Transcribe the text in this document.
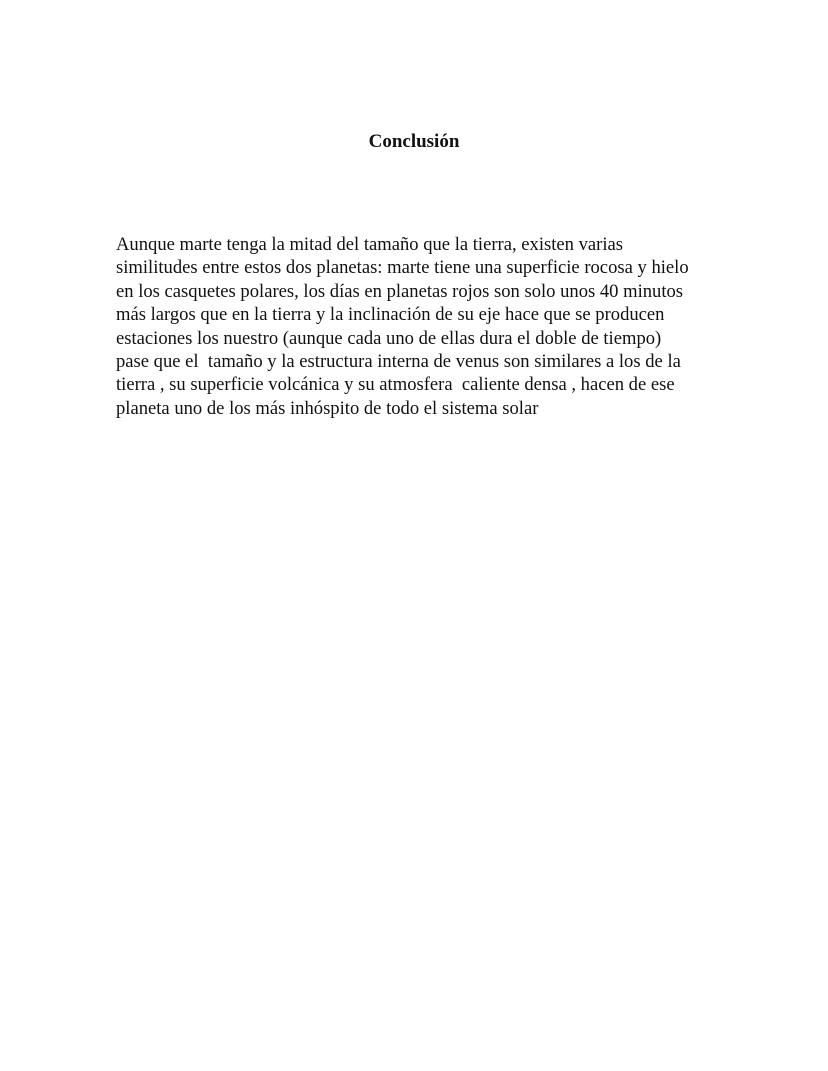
Conclusión

Aunque marte tenga la mitad del tamaño que la tierra, existen varias
similitudes entre estos dos planetas: marte tiene una superficie rocosa y hielo
en los casquetes polares, los días en planetas rojos son solo unos 40 minutos
más largos que en la tierra y la inclinación de su eje hace que se producen
estaciones los nuestro (aunque cada uno de ellas dura el doble de tiempo)
pase que el  tamaño y la estructura interna de venus son similares a los de la
tierra , su superficie volcánica y su atmosfera  caliente densa , hacen de ese
planeta uno de los más inhóspito de todo el sistema solar
